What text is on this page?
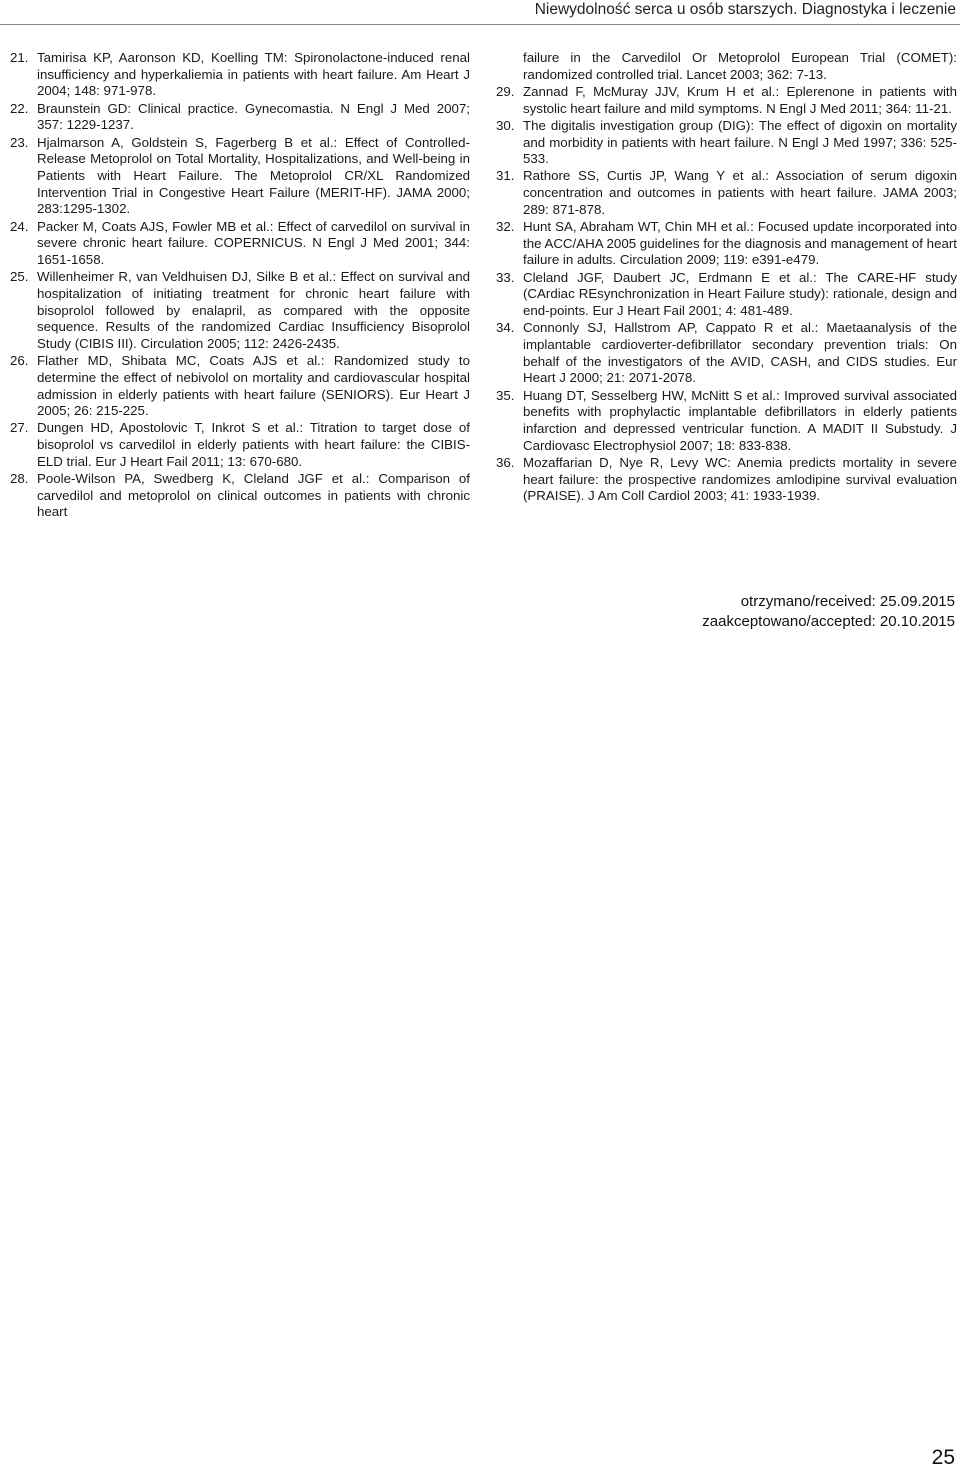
Niewydolność serca u osób starszych. Diagnostyka i leczenie
21. Tamirisa KP, Aaronson KD, Koelling TM: Spironolactone-induced renal insufficiency and hyperkaliemia in patients with heart failure. Am Heart J 2004; 148: 971-978.
22. Braunstein GD: Clinical practice. Gynecomastia. N Engl J Med 2007; 357: 1229-1237.
23. Hjalmarson A, Goldstein S, Fagerberg B et al.: Effect of Controlled-Release Metoprolol on Total Mortality, Hospitalizations, and Well-being in Patients with Heart Failure. The Metoprolol CR/XL Randomized Intervention Trial in Congestive Heart Failure (MERIT-HF). JAMA 2000; 283:1295-1302.
24. Packer M, Coats AJS, Fowler MB et al.: Effect of carvedilol on survival in severe chronic heart failure. COPERNICUS. N Engl J Med 2001; 344: 1651-1658.
25. Willenheimer R, van Veldhuisen DJ, Silke B et al.: Effect on survival and hospitalization of initiating treatment for chronic heart failure with bisoprolol followed by enalapril, as compared with the opposite sequence. Results of the randomized Cardiac Insufficiency Bisoprolol Study (CIBIS III). Circulation 2005; 112: 2426-2435.
26. Flather MD, Shibata MC, Coats AJS et al.: Randomized study to determine the effect of nebivolol on mortality and cardiovascular hospital admission in elderly patients with heart failure (SENIORS). Eur Heart J 2005; 26: 215-225.
27. Dungen HD, Apostolovic T, Inkrot S et al.: Titration to target dose of bisoprolol vs carvedilol in elderly patients with heart failure: the CIBIS-ELD trial. Eur J Heart Fail 2011; 13: 670-680.
28. Poole-Wilson PA, Swedberg K, Cleland JGF et al.: Comparison of carvedilol and metoprolol on clinical outcomes in patients with chronic heart
failure in the Carvedilol Or Metoprolol European Trial (COMET): randomized controlled trial. Lancet 2003; 362: 7-13.
29. Zannad F, McMuray JJV, Krum H et al.: Eplerenone in patients with systolic heart failure and mild symptoms. N Engl J Med 2011; 364: 11-21.
30. The digitalis investigation group (DIG): The effect of digoxin on mortality and morbidity in patients with heart failure. N Engl J Med 1997; 336: 525-533.
31. Rathore SS, Curtis JP, Wang Y et al.: Association of serum digoxin concentration and outcomes in patients with heart failure. JAMA 2003; 289: 871-878.
32. Hunt SA, Abraham WT, Chin MH et al.: Focused update incorporated into the ACC/AHA 2005 guidelines for the diagnosis and management of heart failure in adults. Circulation 2009; 119: e391-e479.
33. Cleland JGF, Daubert JC, Erdmann E et al.: The CARE-HF study (CArdiac REsynchronization in Heart Failure study): rationale, design and end-points. Eur J Heart Fail 2001; 4: 481-489.
34. Connonly SJ, Hallstrom AP, Cappato R et al.: Maetaanalysis of the implantable cardioverter-defibrillator secondary prevention trials: On behalf of the investigators of the AVID, CASH, and CIDS studies. Eur Heart J 2000; 21: 2071-2078.
35. Huang DT, Sesselberg HW, McNitt S et al.: Improved survival associated benefits with prophylactic implantable defibrillators in elderly patients infarction and depressed ventricular function. A MADIT II Substudy. J Cardiovasc Electrophysiol 2007; 18: 833-838.
36. Mozaffarian D, Nye R, Levy WC: Anemia predicts mortality in severe heart failure: the prospective randomizes amlodipine survival evaluation (PRAISE). J Am Coll Cardiol 2003; 41: 1933-1939.
otrzymano/received: 25.09.2015
zaakceptowano/accepted: 20.10.2015
25
